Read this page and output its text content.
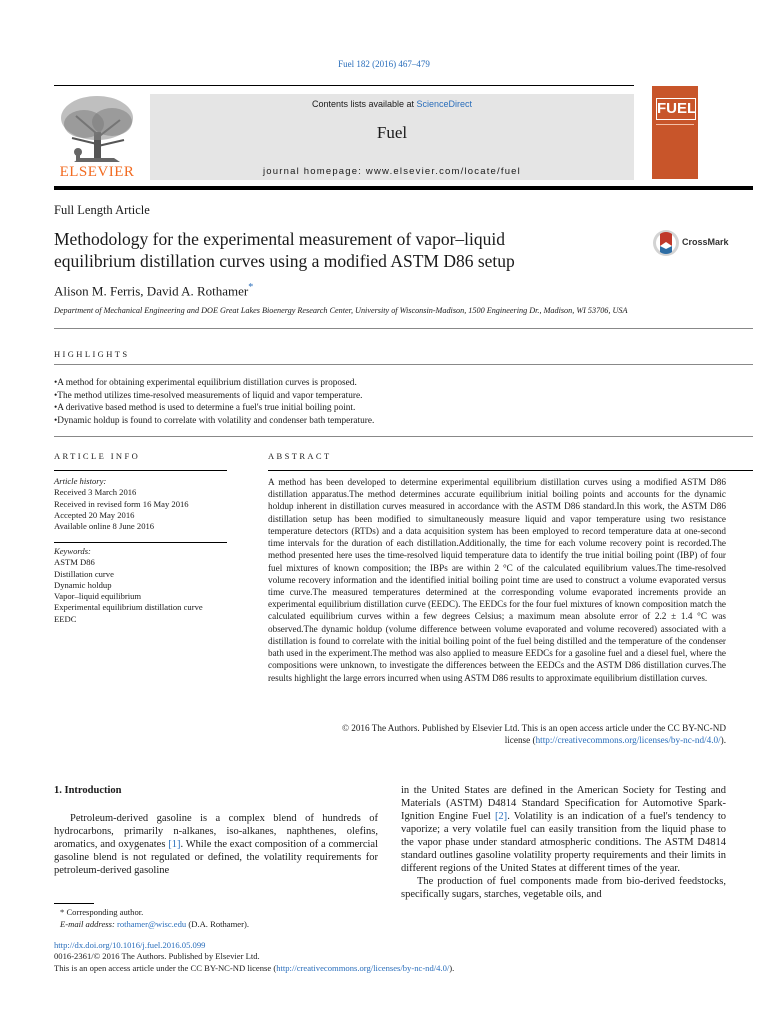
Fuel 182 (2016) 467–479
ELSEVIER
Contents lists available at ScienceDirect
Fuel
journal homepage: www.elsevier.com/locate/fuel
FUEL
Full Length Article
Methodology for the experimental measurement of vapor–liquid
equilibrium distillation curves using a modified ASTM D86 setup
CrossMark
Alison M. Ferris, David A. Rothamer*
Department of Mechanical Engineering and DOE Great Lakes Bioenergy Research Center, University of Wisconsin-Madison, 1500 Engineering Dr., Madison, WI 53706, USA
HIGHLIGHTS
• A method for obtaining experimental equilibrium distillation curves is proposed.
• The method utilizes time-resolved measurements of liquid and vapor temperature.
• A derivative based method is used to determine a fuel's true initial boiling point.
• Dynamic holdup is found to correlate with volatility and condenser bath temperature.
ARTICLE INFO	ABSTRACT
Article history:
Received 3 March 2016
Received in revised form 16 May 2016
Accepted 20 May 2016
Available online 8 June 2016
Keywords:
ASTM D86
Distillation curve
Dynamic holdup
Vapor–liquid equilibrium
Experimental equilibrium distillation curve
EEDC
A method has been developed to determine experimental equilibrium distillation curves using a modified ASTM D86 distillation apparatus.The method determines accurate equilibrium initial boiling points and accounts for the dynamic holdup inherent in distillation curves measured in accordance with the ASTM D86 standard.In this work, the ASTM D86 distillation setup has been modified to simultaneously measure liquid and vapor temperature using two resistance temperature detectors (RTDs) and a data acquisition system has been employed to record temperature data at one-second time intervals for the duration of each distillation.Additionally, the time for each volume recovery point is recorded.The method presented here uses the time-resolved liquid temperature data to identify the true initial boiling point (IBP) of four fuel mixtures of known composition; the IBPs are within 2 °C of the calculated equilibrium values.The time-resolved volume recovery information and the identified initial boiling point time are used to construct a volume evaporated versus time curve.The measured temperatures determined at the corresponding volume evaporated increments provide an experimental equilibrium distillation curve (EEDC). The EEDCs for the four fuel mixtures of known composition match the calculated equilibrium curves within a few degrees Celsius; a maximum mean absolute error of 2.2 ± 1.4 °C was observed.The dynamic holdup (volume difference between volume evaporated and volume recovered) associated with a distillation is found to correlate with the initial boiling point of the fuel being distilled and the temperature of the condenser bath used in the experiment.The method was also applied to measure EEDCs for a gasoline fuel and a diesel fuel, where the compositions were unknown, to investigate the differences between the EEDCs and the ASTM D86 distillation curves.The results highlight the large errors incurred when using ASTM D86 results to approximate equilibrium distillation curves.
© 2016 The Authors. Published by Elsevier Ltd. This is an open access article under the CC BY-NC-ND
license (http://creativecommons.org/licenses/by-nc-nd/4.0/).
1. Introduction

Petroleum-derived gasoline is a complex blend of hundreds of hydrocarbons, primarily n-alkanes, iso-alkanes, naphthenes, olefins, aromatics, and oxygenates [1]. While the exact composition of a commercial gasoline blend is not regulated or defined, the volatility requirements for petroleum-derived gasoline

in the United States are defined in the American Society for Testing and Materials (ASTM) D4814 Standard Specification for Automotive Spark-Ignition Engine Fuel [2]. Volatility is an indication of a fuel's tendency to vaporize; a very volatile fuel can easily transition from the liquid phase to the vapor phase under standard atmospheric conditions. The ASTM D4814 standard outlines gasoline volatility property requirements and their limits in different regions of the United States at different times of the year.

The production of fuel components made from bio-derived feedstocks, specifically sugars, starches, vegetable oils, and

* Corresponding author.
E-mail address: rothamer@wisc.edu (D.A. Rothamer).
http://dx.doi.org/10.1016/j.fuel.2016.05.099
0016-2361/© 2016 The Authors. Published by Elsevier Ltd.
This is an open access article under the CC BY-NC-ND license (http://creativecommons.org/licenses/by-nc-nd/4.0/).
